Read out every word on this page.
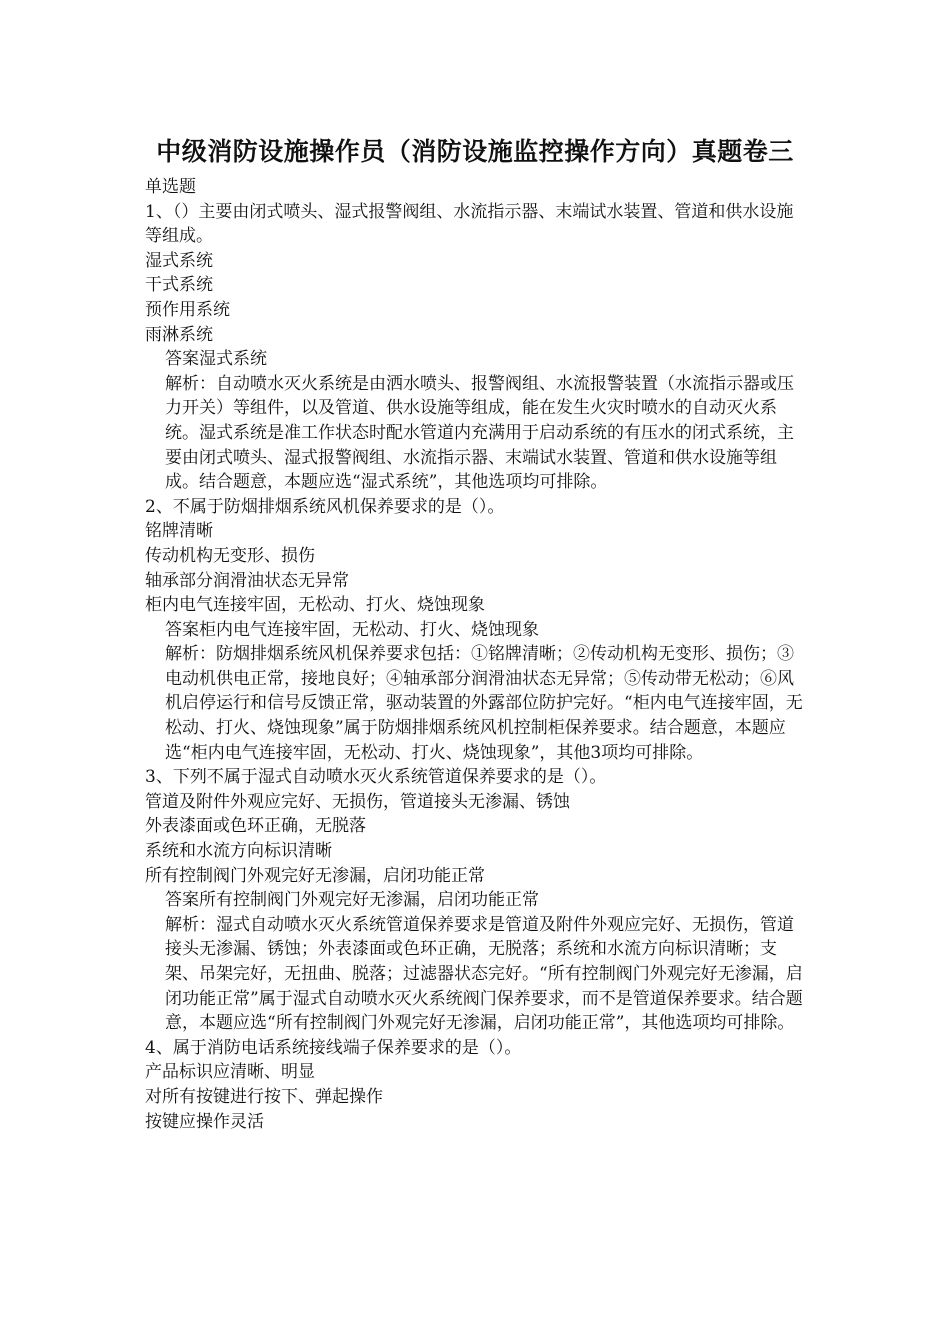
中级消防设施操作员（消防设施监控操作方向）真题卷三

单选题

1、（）主要由闭式喷头、湿式报警阀组、水流指示器、末端试水装置、管道和供水设施等组成。

湿式系统

干式系统

预作用系统

雨淋系统

答案湿式系统

解析：自动喷水灭火系统是由洒水喷头、报警阀组、水流报警装置（水流指示器或压力开关）等组件，以及管道、供水设施等组成，能在发生火灾时喷水的自动灭火系统。湿式系统是准工作状态时配水管道内充满用于启动系统的有压水的闭式系统，主要由闭式喷头、湿式报警阀组、水流指示器、末端试水装置、管道和供水设施等组成。结合题意，本题应选“湿式系统”，其他选项均可排除。

2、不属于防烟排烟系统风机保养要求的是（）。

铭牌清晰

传动机构无变形、损伤

轴承部分润滑油状态无异常

柜内电气连接牢固，无松动、打火、烧蚀现象

答案柜内电气连接牢固，无松动、打火、烧蚀现象

解析：防烟排烟系统风机保养要求包括：①铭牌清晰；②传动机构无变形、损伤；③电动机供电正常，接地良好；④轴承部分润滑油状态无异常；⑤传动带无松动；⑥风机启停运行和信号反馈正常，驱动装置的外露部位防护完好。“柜内电气连接牢固，无松动、打火、烧蚀现象”属于防烟排烟系统风机控制柜保养要求。结合题意，本题应选“柜内电气连接牢固，无松动、打火、烧蚀现象”，其他3项均可排除。

3、下列不属于湿式自动喷水灭火系统管道保养要求的是（）。

管道及附件外观应完好、无损伤，管道接头无渗漏、锈蚀

外表漆面或色环正确，无脱落

系统和水流方向标识清晰

所有控制阀门外观完好无渗漏，启闭功能正常

答案所有控制阀门外观完好无渗漏，启闭功能正常

解析：湿式自动喷水灭火系统管道保养要求是管道及附件外观应完好、无损伤，管道接头无渗漏、锈蚀；外表漆面或色环正确，无脱落；系统和水流方向标识清晰；支架、吊架完好，无扭曲、脱落；过滤器状态完好。“所有控制阀门外观完好无渗漏，启闭功能正常”属于湿式自动喷水灭火系统阀门保养要求，而不是管道保养要求。结合题意，本题应选“所有控制阀门外观完好无渗漏，启闭功能正常”，其他选项均可排除。

4、属于消防电话系统接线端子保养要求的是（）。

产品标识应清晰、明显

对所有按键进行按下、弹起操作

按键应操作灵活
